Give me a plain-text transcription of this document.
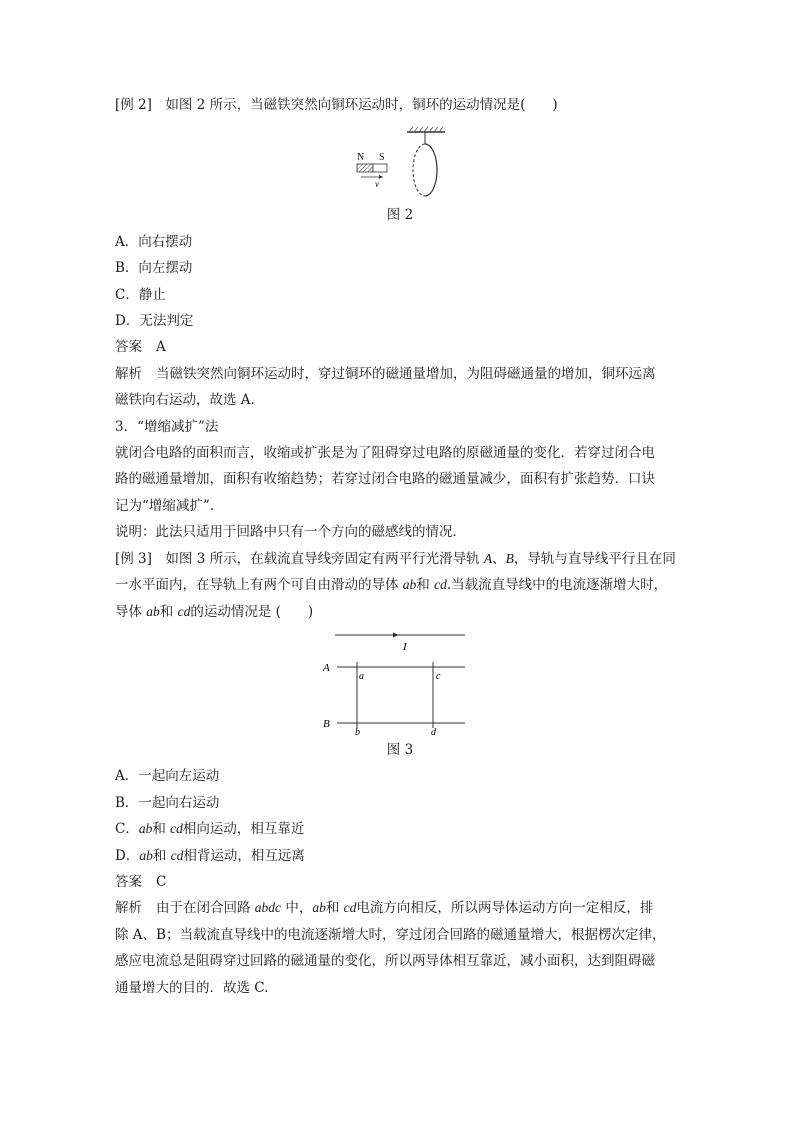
[例 2]　如图 2 所示，当磁铁突然向铜环运动时，铜环的运动情况是(　　)

N S
v

图 2

A．向右摆动

B．向左摆动

C．静止

D．无法判定

答案 A

解析 当磁铁突然向铜环运动时，穿过铜环的磁通量增加，为阻碍磁通量的增加，铜环远离

磁铁向右运动，故选 A.

3．“增缩减扩”法

就闭合电路的面积而言，收缩或扩张是为了阻碍穿过电路的原磁通量的变化．若穿过闭合电

路的磁通量增加，面积有收缩趋势；若穿过闭合电路的磁通量减少，面积有扩张趋势．口诀

记为“增缩减扩”.

说明：此法只适用于回路中只有一个方向的磁感线的情况．

[例 3]　如图 3 所示，在载流直导线旁固定有两平行光滑导轨 A、B，导轨与直导线平行且在同

一水平面内，在导轨上有两个可自由滑动的导体 ab和 cd.当载流直导线中的电流逐渐增大时，

导体 ab和 cd的运动情况是 (　　)

I
A
B
a	c
b	d

图 3

A．一起向左运动

B．一起向右运动

C．ab和 cd相向运动，相互靠近

D．ab和 cd相背运动，相互远离

答案 C

解析 由于在闭合回路 abdc 中，ab和 cd电流方向相反，所以两导体运动方向一定相反，排

除 A、B；当载流直导线中的电流逐渐增大时，穿过闭合回路的磁通量增大，根据楞次定律，

感应电流总是阻碍穿过回路的磁通量的变化，所以两导体相互靠近，减小面积，达到阻碍磁

通量增大的目的．故选 C.
